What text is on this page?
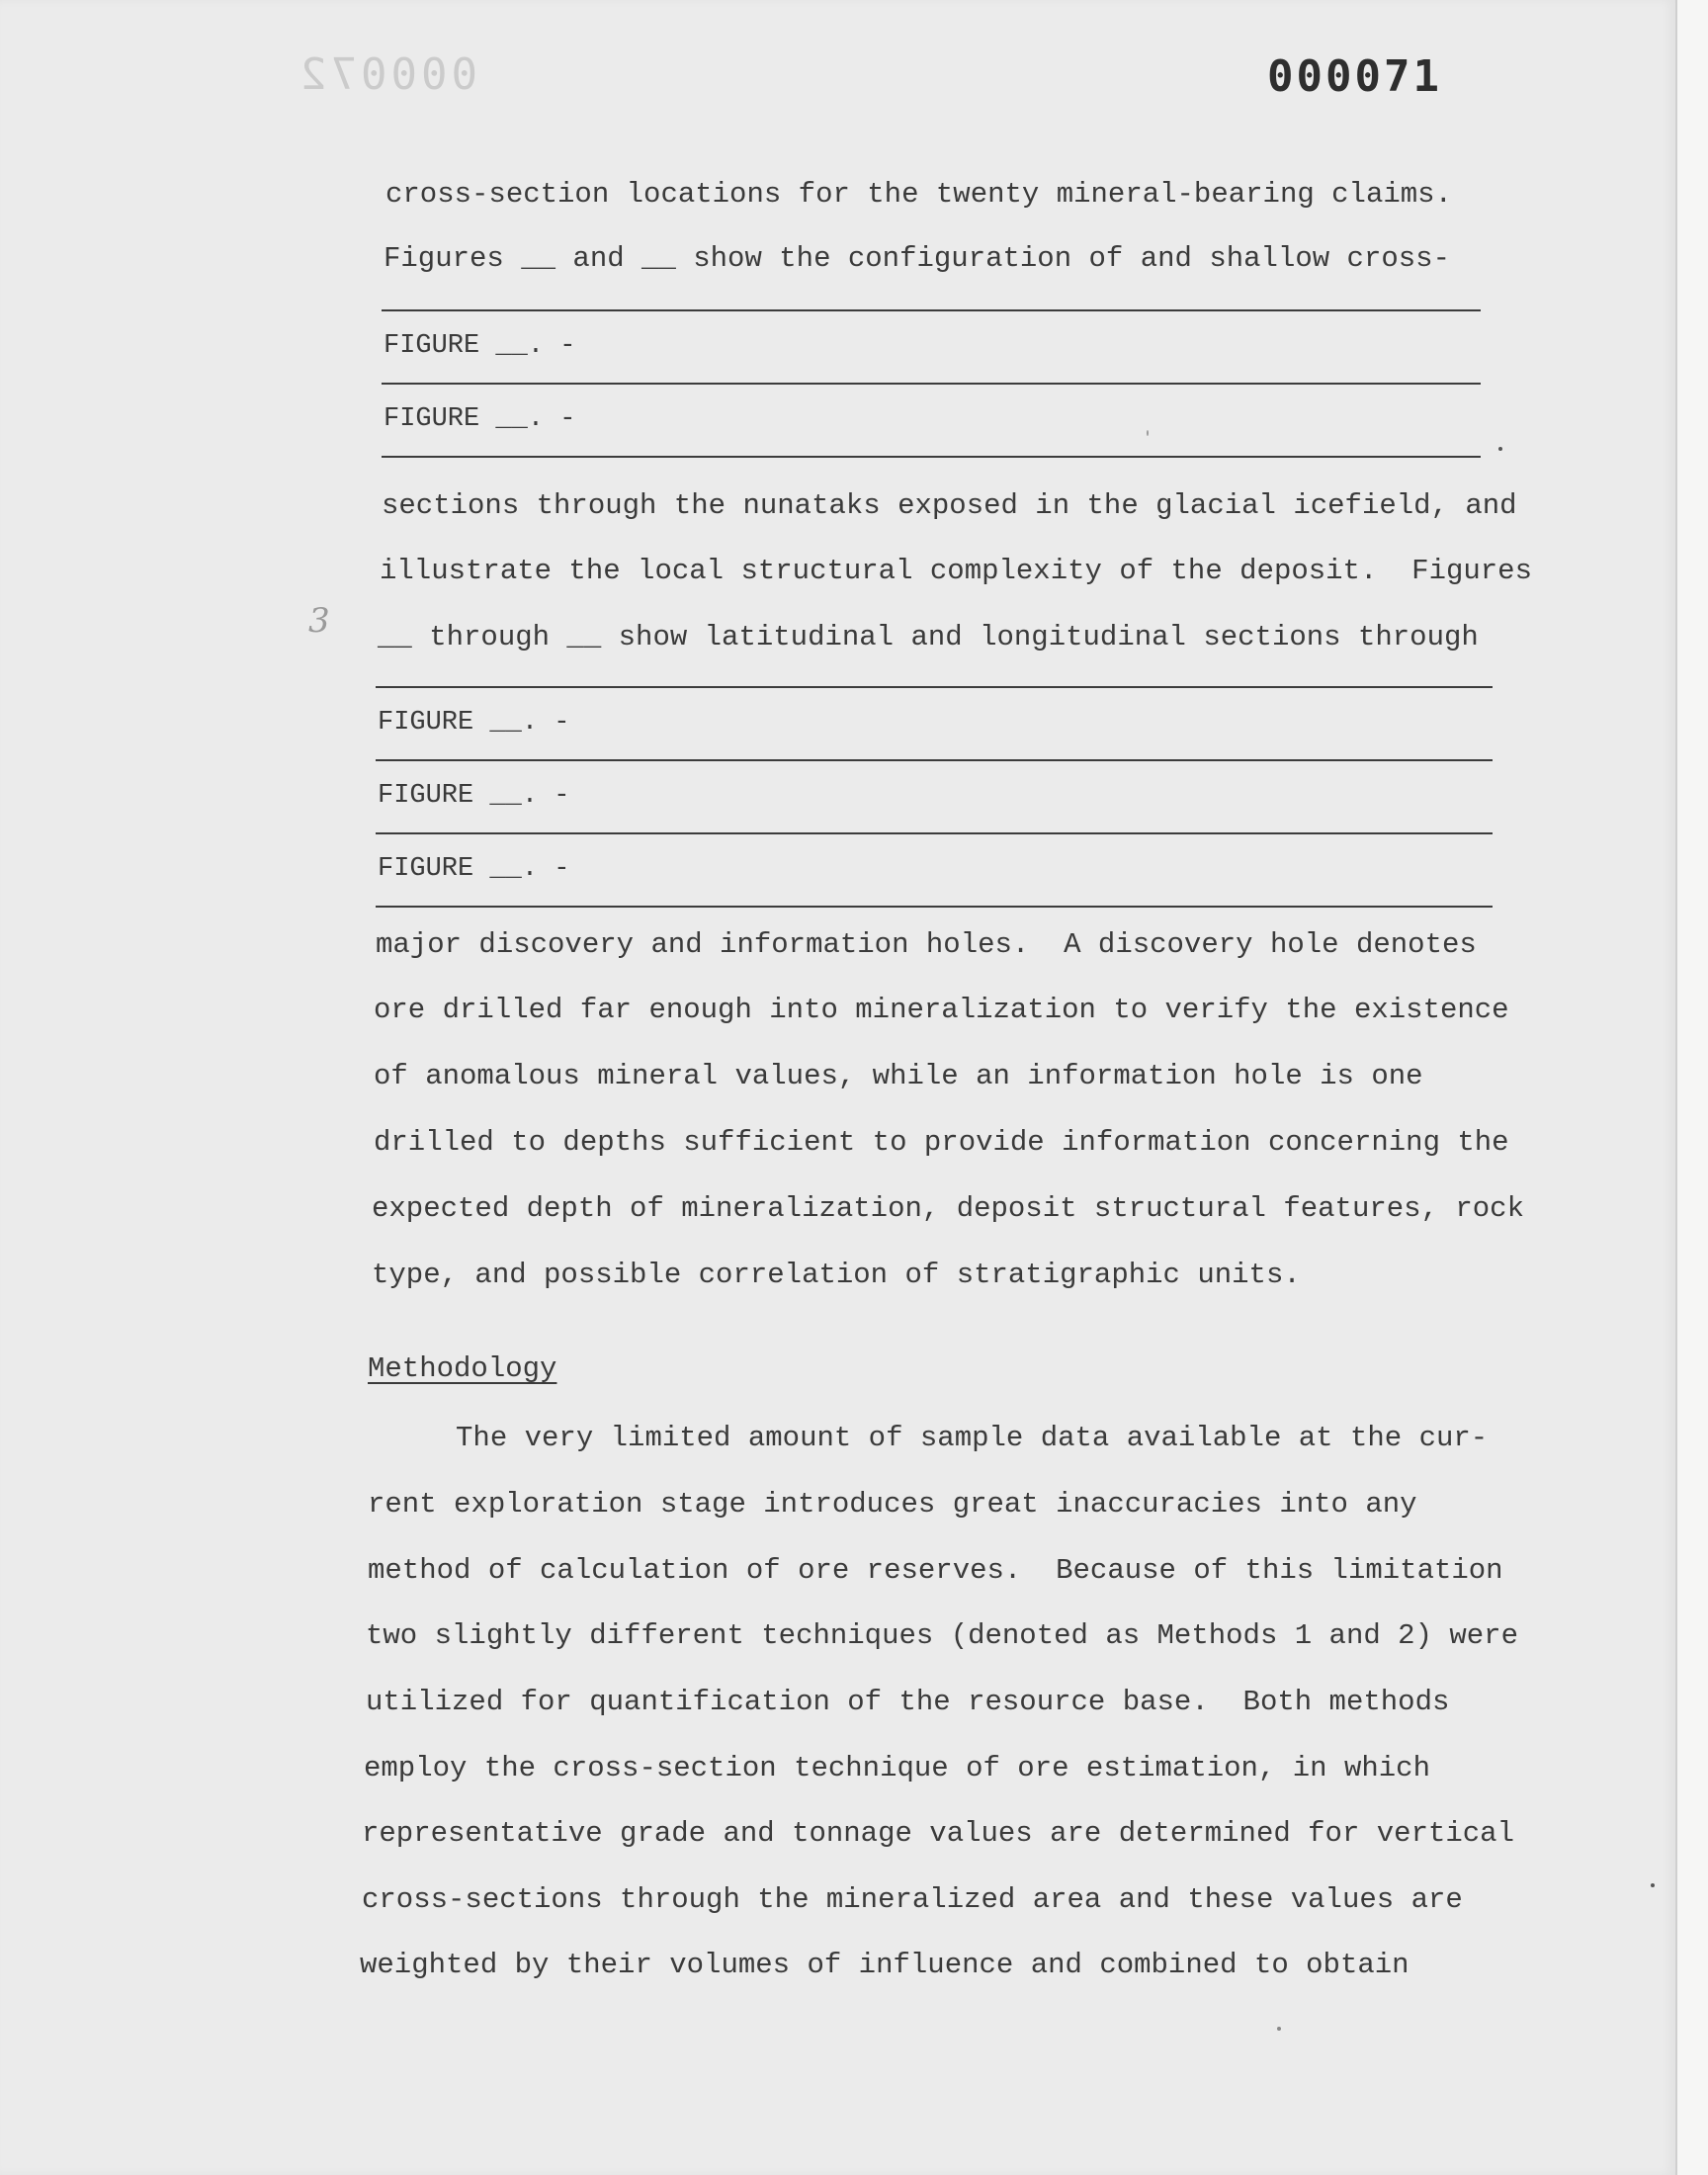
000072	000071
3
cross-section locations for the twenty mineral-bearing claims.
Figures __ and __ show the configuration of and shallow cross-
FIGURE __. -
FIGURE __. -
sections through the nunataks exposed in the glacial icefield, and
illustrate the local structural complexity of the deposit.  Figures
__ through __ show latitudinal and longitudinal sections through
FIGURE __. -
FIGURE __. -
FIGURE __. -
major discovery and information holes.  A discovery hole denotes
ore drilled far enough into mineralization to verify the existence
of anomalous mineral values, while an information hole is one
drilled to depths sufficient to provide information concerning the
expected depth of mineralization, deposit structural features, rock
type, and possible correlation of stratigraphic units.
Methodology
The very limited amount of sample data available at the cur-
rent exploration stage introduces great inaccuracies into any
method of calculation of ore reserves.  Because of this limitation
two slightly different techniques (denoted as Methods 1 and 2) were
utilized for quantification of the resource base.  Both methods
employ the cross-section technique of ore estimation, in which
representative grade and tonnage values are determined for vertical
cross-sections through the mineralized area and these values are
weighted by their volumes of influence and combined to obtain
